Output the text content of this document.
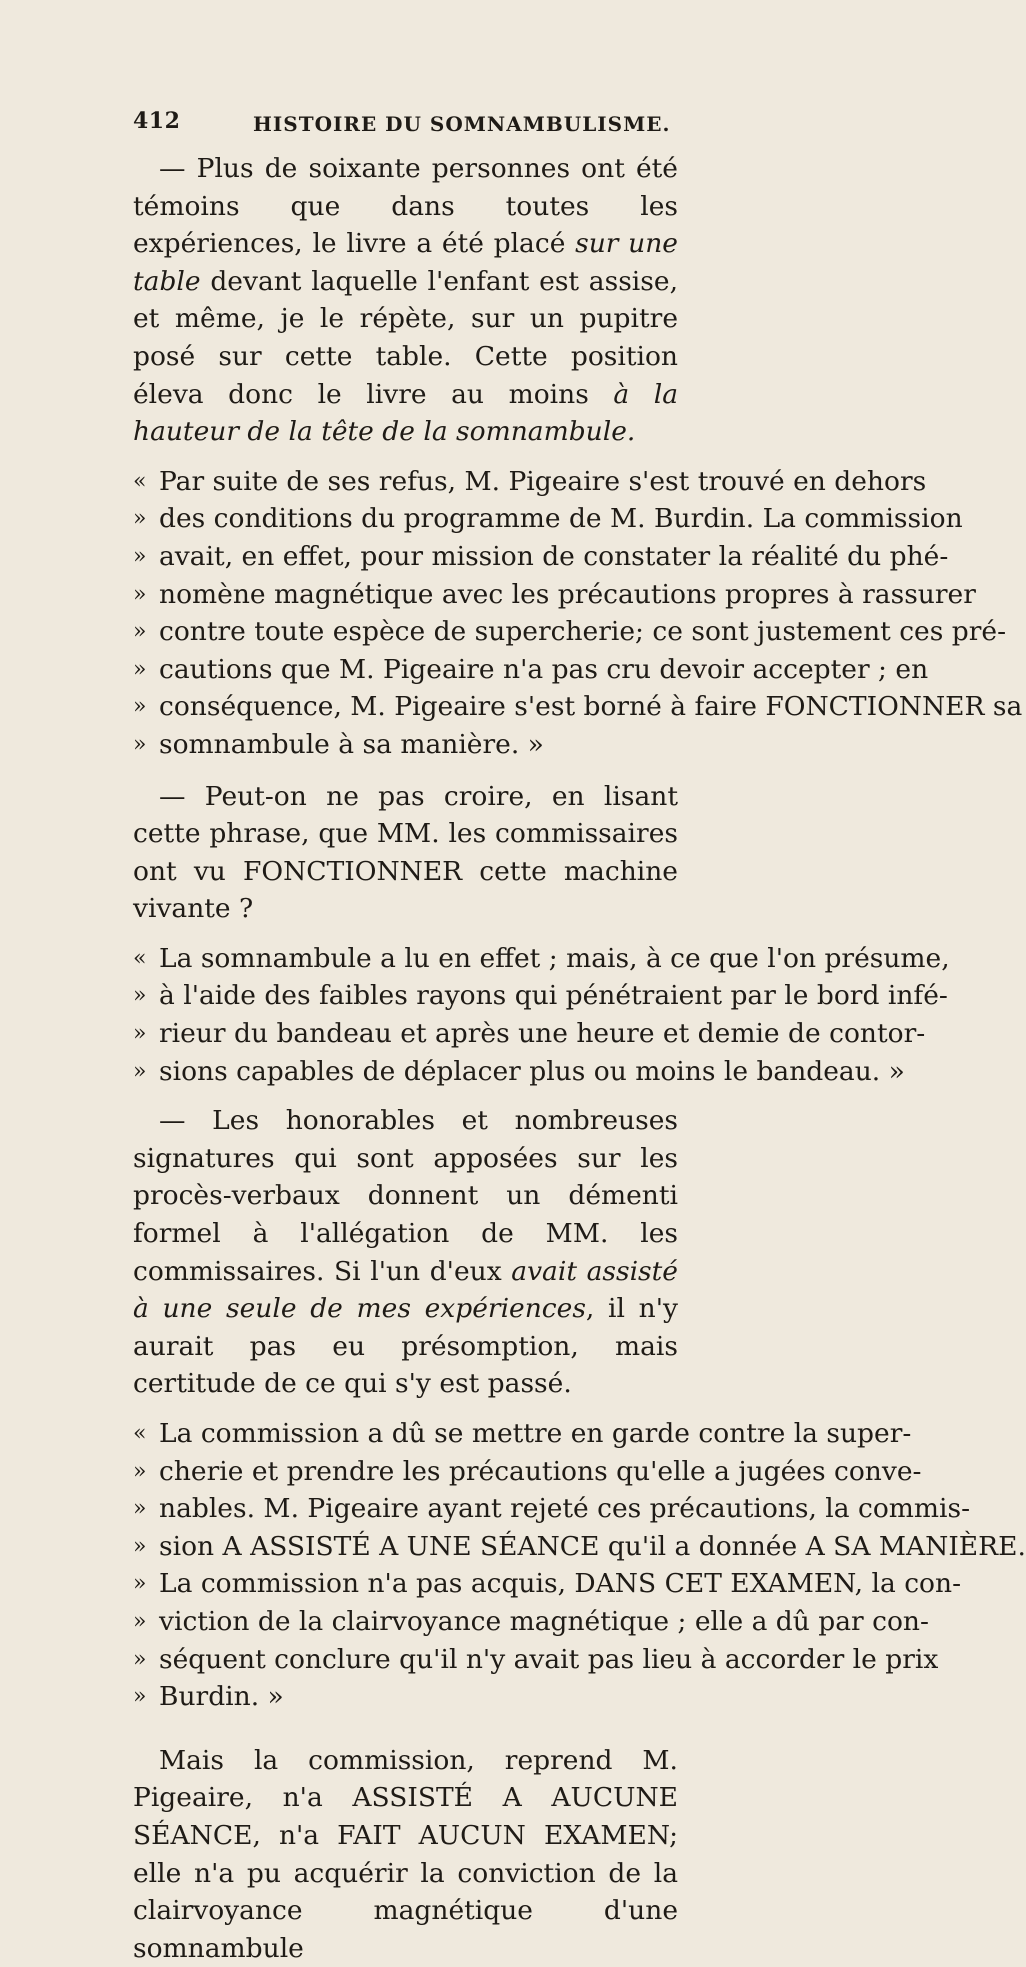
412	HISTOIRE DU SOMNAMBULISME.

— Plus de soixante personnes ont été témoins que dans toutes les expériences, le livre a été placé sur une table devant laquelle l'enfant est assise, et même, je le répète, sur un pupitre posé sur cette table. Cette position éleva donc le livre au moins à la hauteur de la tête de la somnambule.

« Par suite de ses refus, M. Pigeaire s'est trouvé en dehors
» des conditions du programme de M. Burdin. La commission
» avait, en effet, pour mission de constater la réalité du phé-
» nomène magnétique avec les précautions propres à rassurer
» contre toute espèce de supercherie; ce sont justement ces pré-
» cautions que M. Pigeaire n'a pas cru devoir accepter ; en
» conséquence, M. Pigeaire s'est borné à faire FONCTIONNER sa
» somnambule à sa manière. »

— Peut-on ne pas croire, en lisant cette phrase, que MM. les commissaires ont vu FONCTIONNER cette machine vivante ?

« La somnambule a lu en effet ; mais, à ce que l'on présume,
» à l'aide des faibles rayons qui pénétraient par le bord infé-
» rieur du bandeau et après une heure et demie de contor-
» sions capables de déplacer plus ou moins le bandeau. »

— Les honorables et nombreuses signatures qui sont apposées sur les procès-verbaux donnent un démenti formel à l'allégation de MM. les commissaires. Si l'un d'eux avait assisté à une seule de mes expériences, il n'y aurait pas eu présomption, mais certitude de ce qui s'y est passé.

« La commission a dû se mettre en garde contre la super-
» cherie et prendre les précautions qu'elle a jugées conve-
» nables. M. Pigeaire ayant rejeté ces précautions, la commis-
» sion A ASSISTÉ A UNE SÉANCE qu'il a donnée A SA MANIÈRE.
» La commission n'a pas acquis, DANS CET EXAMEN, la con-
» viction de la clairvoyance magnétique ; elle a dû par con-
» séquent conclure qu'il n'y avait pas lieu à accorder le prix
» Burdin. »

Mais la commission, reprend M. Pigeaire, n'a ASSISTÉ A AUCUNE SÉANCE, n'a FAIT AUCUN EXAMEN; elle n'a pu acquérir la conviction de la clairvoyance magnétique d'une somnambule
